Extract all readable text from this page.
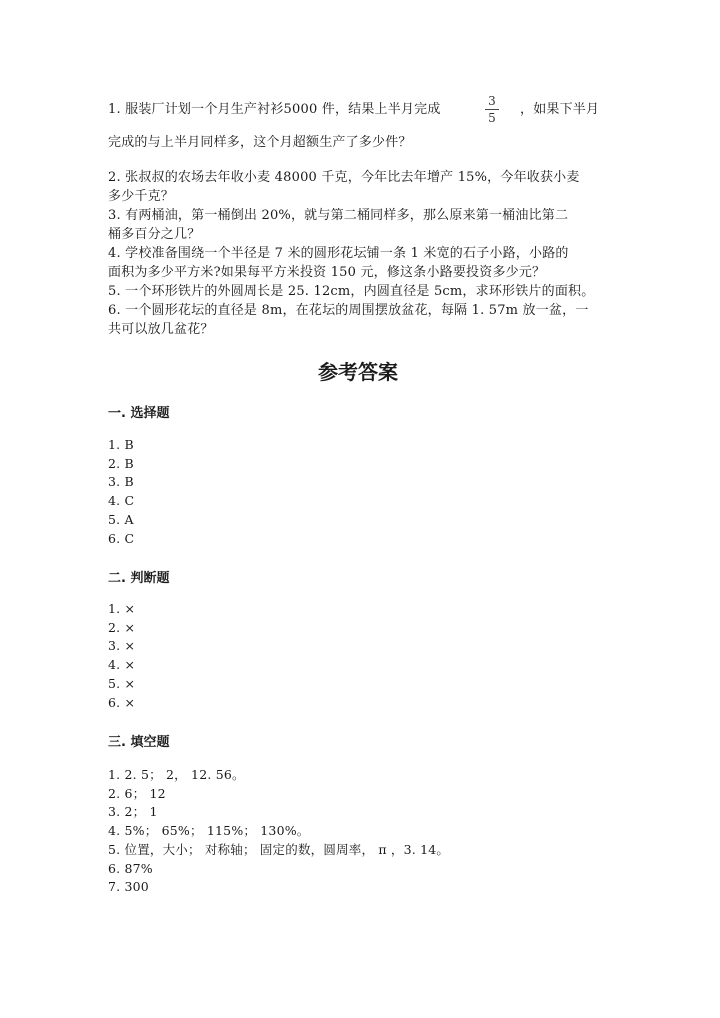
1. 服装厂计划一个月生产衬衫5000 件，结果上半月完成
3
5
，如果下半月
完成的与上半月同样多，这个月超额生产了多少件？

2. 张叔叔的农场去年收小麦 48000 千克，今年比去年增产 15%，今年收获小麦

多少千克？

3. 有两桶油，第一桶倒出 20%，就与第二桶同样多，那么原来第一桶油比第二

桶多百分之几？

4. 学校准备围绕一个半径是 7 米的圆形花坛铺一条 1 米宽的石子小路，小路的

面积为多少平方米?如果每平方米投资 150 元，修这条小路要投资多少元？

5. 一个环形铁片的外圆周长是 25. 12cm，内圆直径是 5cm，求环形铁片的面积。

6. 一个圆形花坛的直径是 8m，在花坛的周围摆放盆花，每隔 1. 57m 放一盆，一

共可以放几盆花？

参考答案
一. 选择题

1. B

2. B

3. B

4. C

5. A

6. C

二. 判断题

1. ×

2. ×

3. ×

4. ×

5. ×

6. ×

三. 填空题

1. 2. 5； 2， 12. 56。

2. 6； 12

3. 2； 1

4. 5%； 65%； 115%； 130%。

5. 位置，大小； 对称轴； 固定的数，圆周率， π ，3. 14。

6. 87%

7. 300
